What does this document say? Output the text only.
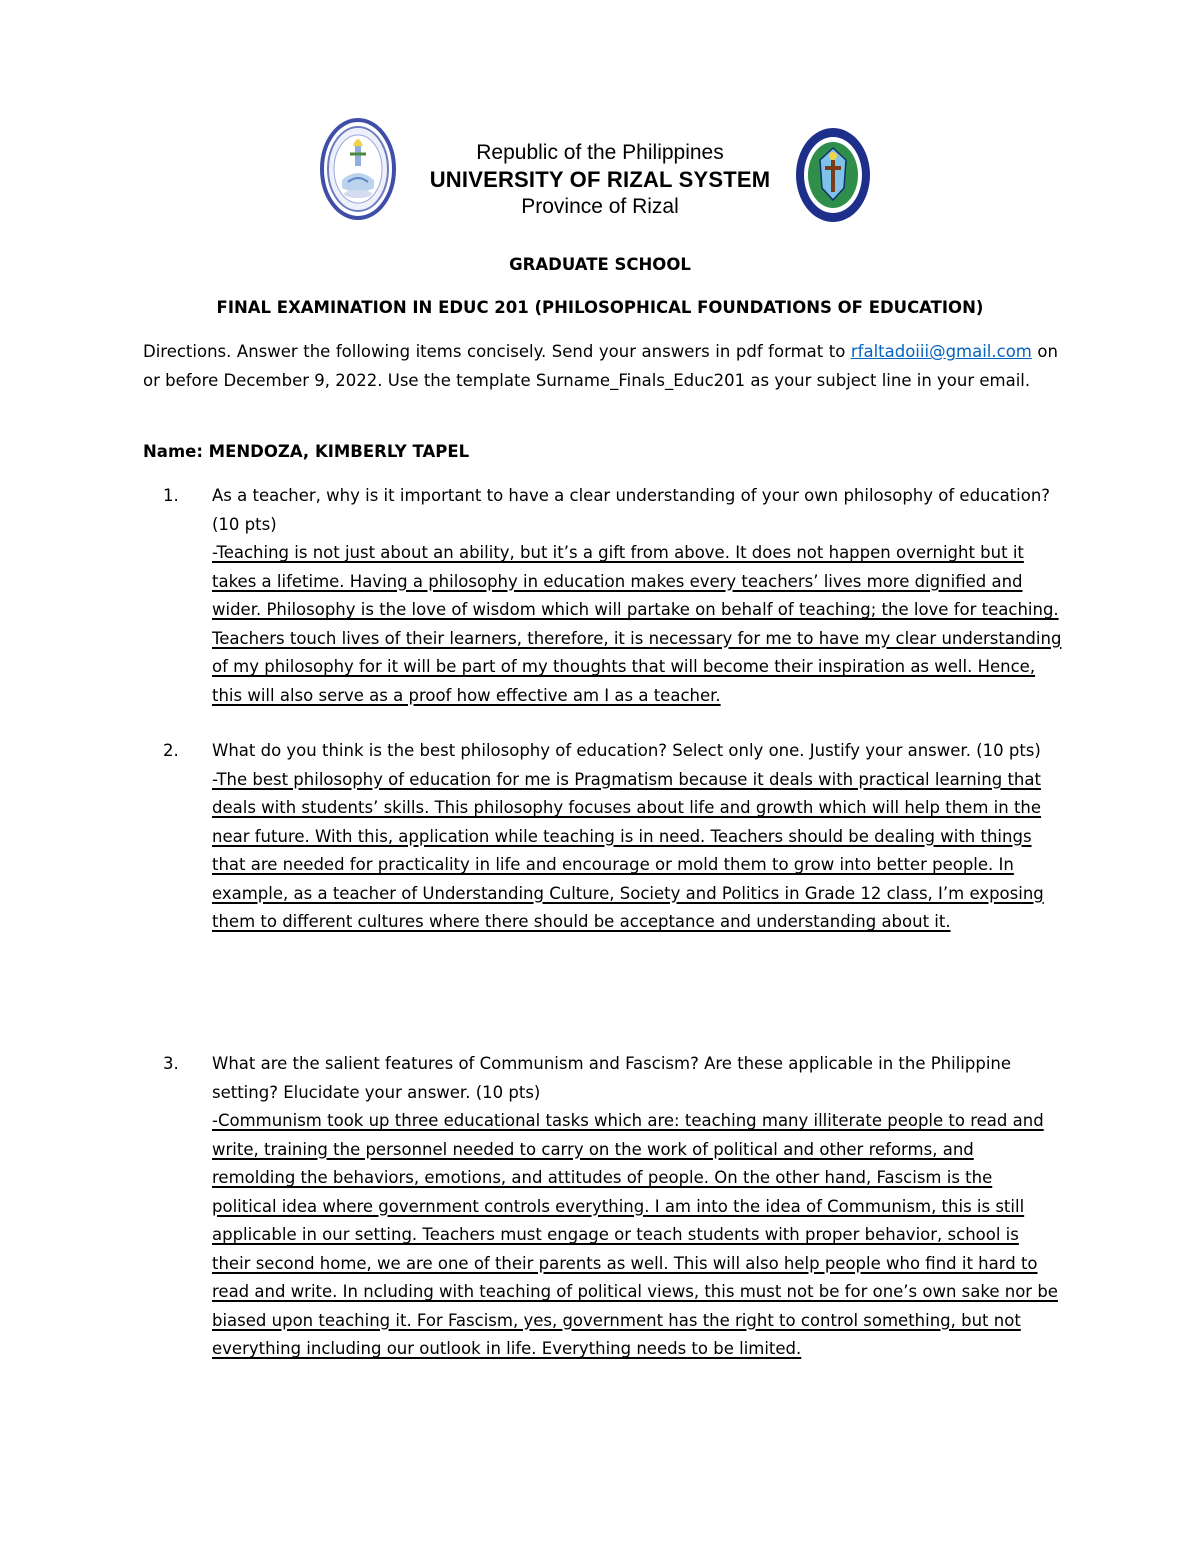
Republic of the Philippines
UNIVERSITY OF RIZAL SYSTEM
Province of Rizal
GRADUATE SCHOOL
FINAL EXAMINATION IN EDUC 201 (PHILOSOPHICAL FOUNDATIONS OF EDUCATION)
Directions. Answer the following items concisely. Send your answers in pdf format to rfaltadoiii@gmail.com on or before December 9, 2022. Use the template Surname_Finals_Educ201 as your subject line in your email.
Name: MENDOZA, KIMBERLY TAPEL
1. As a teacher, why is it important to have a clear understanding of your own philosophy of education? (10 pts)
-Teaching is not just about an ability, but it’s a gift from above. It does not happen overnight but it takes a lifetime. Having a philosophy in education makes every teachers’ lives more dignified and wider. Philosophy is the love of wisdom which will partake on behalf of teaching; the love for teaching. Teachers touch lives of their learners, therefore, it is necessary for me to have my clear understanding of my philosophy for it will be part of my thoughts that will become their inspiration as well. Hence, this will also serve as a proof how effective am I as a teacher.
2. What do you think is the best philosophy of education? Select only one. Justify your answer. (10 pts)
-The best philosophy of education for me is Pragmatism because it deals with practical learning that deals with students’ skills. This philosophy focuses about life and growth which will help them in the near future. With this, application while teaching is in need. Teachers should be dealing with things that are needed for practicality in life and encourage or mold them to grow into better people. In example, as a teacher of Understanding Culture, Society and Politics in Grade 12 class, I’m exposing them to different cultures where there should be acceptance and understanding about it.
3. What are the salient features of Communism and Fascism? Are these applicable in the Philippine setting? Elucidate your answer. (10 pts)
-Communism took up three educational tasks which are: teaching many illiterate people to read and write, training the personnel needed to carry on the work of political and other reforms, and remolding the behaviors, emotions, and attitudes of people. On the other hand, Fascism is the political idea where government controls everything. I am into the idea of Communism, this is still applicable in our setting. Teachers must engage or teach students with proper behavior, school is their second home, we are one of their parents as well. This will also help people who find it hard to read and write. In ncluding with teaching of political views, this must not be for one’s own sake nor be biased upon teaching it. For Fascism, yes, government has the right to control something, but not everything including our outlook in life. Everything needs to be limited.
